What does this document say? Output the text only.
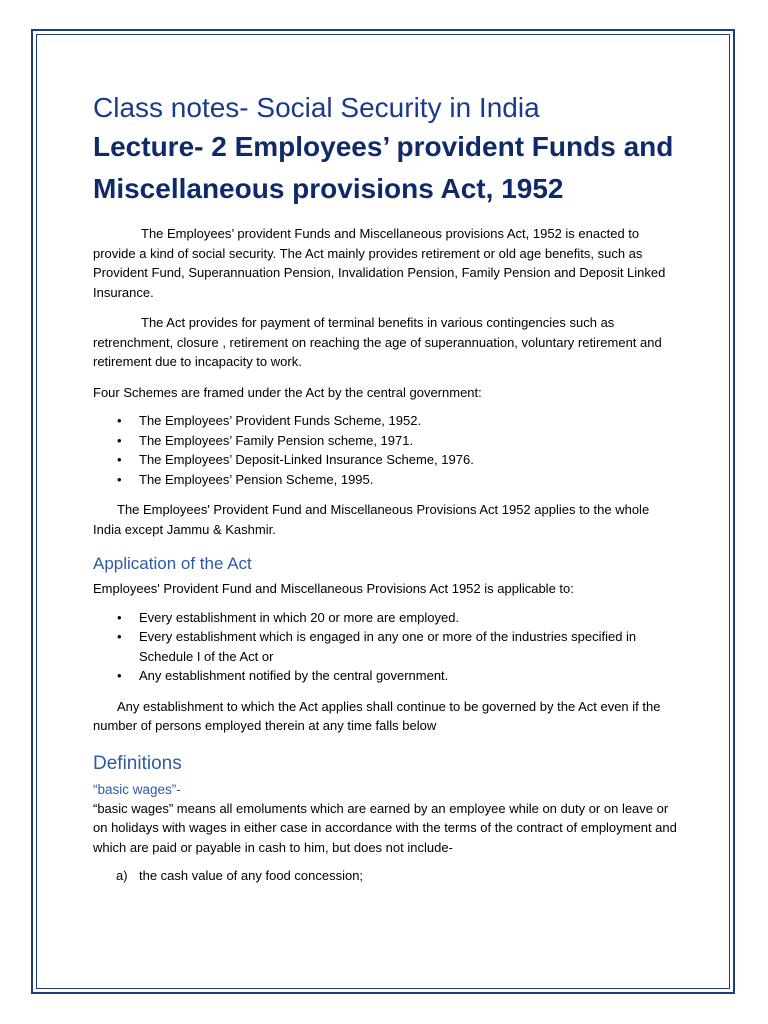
Class notes- Social Security in India
Lecture- 2 Employees’ provident Funds and Miscellaneous provisions Act, 1952

The Employees’ provident Funds and Miscellaneous provisions Act, 1952 is enacted to provide a kind of social security. The Act mainly provides retirement or old age benefits, such as Provident Fund, Superannuation Pension, Invalidation Pension, Family Pension and Deposit Linked Insurance.

The Act provides for payment of terminal benefits in various contingencies such as retrenchment, closure , retirement on reaching the age of superannuation, voluntary retirement and retirement due to incapacity to work.

Four Schemes are framed under the Act by the central government:

• The Employees’ Provident Funds Scheme, 1952.
• The Employees’ Family Pension scheme, 1971.
• The Employees’ Deposit-Linked Insurance Scheme, 1976.
• The Employees’ Pension Scheme, 1995.

The Employees' Provident Fund and Miscellaneous Provisions Act 1952 applies to the whole India except Jammu & Kashmir.

Application of the Act

Employees' Provident Fund and Miscellaneous Provisions Act 1952 is applicable to:

• Every establishment in which 20 or more are employed.
• Every establishment which is engaged in any one or more of the industries specified in Schedule I of the Act or
• Any establishment notified by the central government.

Any establishment to which the Act applies shall continue to be governed by the Act even if the number of persons employed therein at any time falls below

Definitions
“basic wages”-

“basic wages” means all emoluments which are earned by an employee while on duty or on leave or on holidays with wages in either case in accordance with the terms of the contract of employment and which are paid or payable in cash to him, but does not include-

a) the cash value of any food concession;
